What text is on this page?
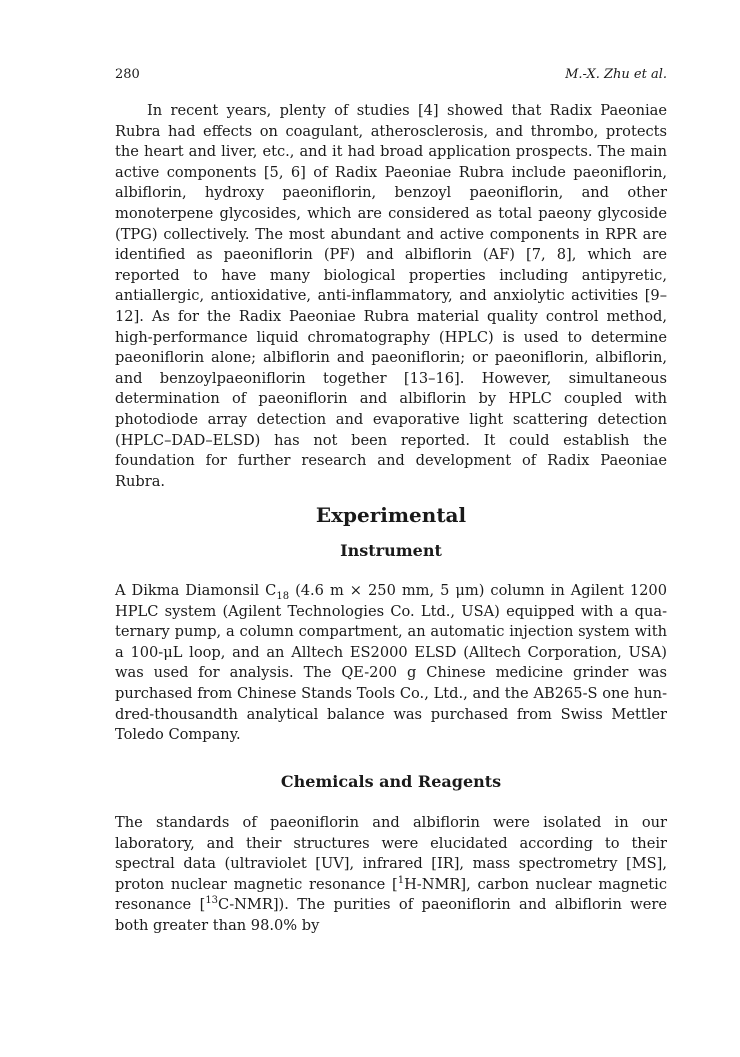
280	M.-X. Zhu et al.

In recent years, plenty of studies [4] showed that Radix Paeoniae Rubra had effects on coagulant, atherosclerosis, and thrombo, protects the heart and liver, etc., and it had broad application prospects. The main active components [5, 6] of Radix Paeoniae Rubra include paeoniflorin, albiflorin, hydroxy paeoniflorin, benzoyl paeoniflorin, and other monoterpene glycosides, which are considered as total paeony glycoside (TPG) collectively. The most abundant and active components in RPR are identified as paeoniflorin (PF) and albiflorin (AF) [7, 8], which are reported to have many biological properties including antipyretic, antiallergic, antioxidative, anti-inflammatory, and anxiolytic activities [9–12]. As for the Radix Paeoniae Rubra material quality control method, high-performance liquid chromatography (HPLC) is used to determine paeoniflorin alone; albiflorin and paeoniflorin; or paeoniflorin, albiflorin, and benzoylpaeoniflorin together [13–16]. However, simultaneous determination of paeoniflorin and albiflorin by HPLC coupled with photodiode array detection and evaporative light scattering detection (HPLC–DAD–ELSD) has not been reported. It could establish the foundation for further research and development of Radix Paeoniae Rubra.

Experimental
Instrument

A Dikma Diamonsil $C_{18}$ (4.6 m × 250 mm, 5 μm) column in Agilent 1200 HPLC system (Agilent Technologies Co. Ltd., USA) equipped with a quaternary pump, a column compartment, an automatic injection system with a 100-μL loop, and an Alltech ES2000 ELSD (Alltech Corporation, USA) was used for analysis. The QE-200 g Chinese medicine grinder was purchased from Chinese Stands Tools Co., Ltd., and the AB265-S one hundred-thousandth analytical balance was purchased from Swiss Mettler Toledo Company.

Chemicals and Reagents

The standards of paeoniflorin and albiflorin were isolated in our laboratory, and their structures were elucidated according to their spectral data (ultraviolet [UV], infrared [IR], mass spectrometry [MS], proton nuclear magnetic resonance [$^1$H-NMR], carbon nuclear magnetic resonance [$^{13}$C-NMR]). The purities of paeoniflorin and albiflorin were both greater than 98.0% by
